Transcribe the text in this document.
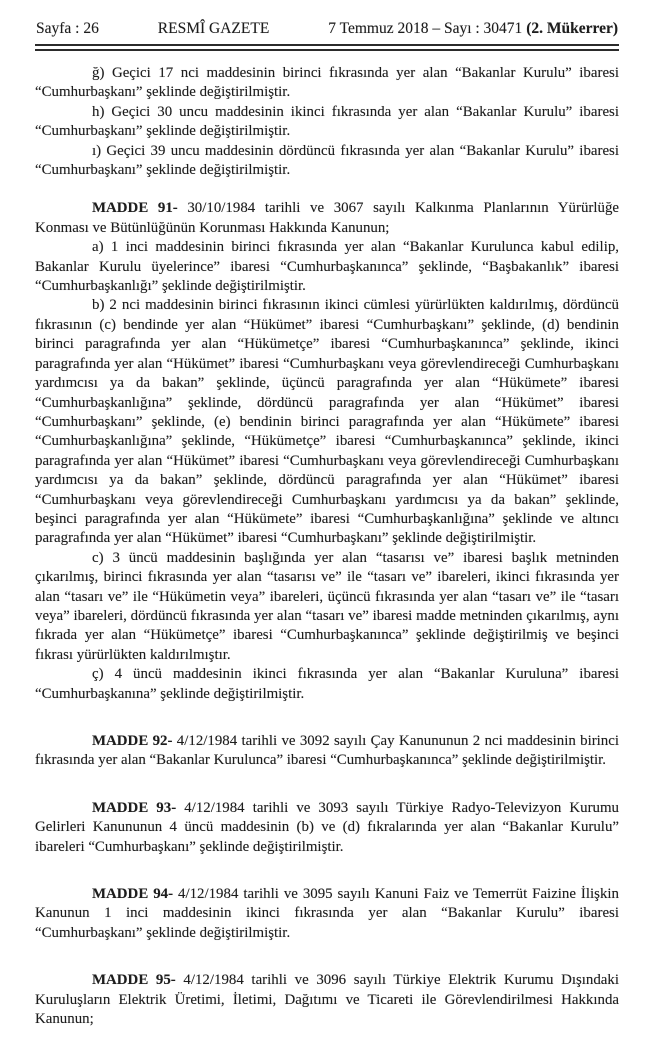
Sayfa : 26	RESMÎ GAZETE	7 Temmuz 2018 – Sayı : 30471 (2. Mükerrer)

ğ) Geçici 17 nci maddesinin birinci fıkrasında yer alan “Bakanlar Kurulu” ibaresi “Cumhurbaşkanı” şeklinde değiştirilmiştir.

h) Geçici 30 uncu maddesinin ikinci fıkrasında yer alan “Bakanlar Kurulu” ibaresi “Cumhurbaşkanı” şeklinde değiştirilmiştir.

ı) Geçici 39 uncu maddesinin dördüncü fıkrasında yer alan “Bakanlar Kurulu” ibaresi “Cumhurbaşkanı” şeklinde değiştirilmiştir.

MADDE 91- 30/10/1984 tarihli ve 3067 sayılı Kalkınma Planlarının Yürürlüğe Konması ve Bütünlüğünün Korunması Hakkında Kanunun;

a) 1 inci maddesinin birinci fıkrasında yer alan “Bakanlar Kurulunca kabul edilip, Bakanlar Kurulu üyelerince” ibaresi “Cumhurbaşkanınca” şeklinde, “Başbakanlık” ibaresi “Cumhurbaşkanlığı” şeklinde değiştirilmiştir.

b) 2 nci maddesinin birinci fıkrasının ikinci cümlesi yürürlükten kaldırılmış, dördüncü fıkrasının (c) bendinde yer alan “Hükümet” ibaresi “Cumhurbaşkanı” şeklinde, (d) bendinin birinci paragrafında yer alan “Hükümetçe” ibaresi “Cumhurbaşkanınca” şeklinde, ikinci paragrafında yer alan “Hükümet” ibaresi “Cumhurbaşkanı veya görevlendireceği Cumhurbaşkanı yardımcısı ya da bakan” şeklinde, üçüncü paragrafında yer alan “Hükümete” ibaresi “Cumhurbaşkanlığına” şeklinde, dördüncü paragrafında yer alan “Hükümet” ibaresi “Cumhurbaşkanı” şeklinde, (e) bendinin birinci paragrafında yer alan “Hükümete” ibaresi “Cumhurbaşkanlığına” şeklinde, “Hükümetçe” ibaresi “Cumhurbaşkanınca” şeklinde, ikinci paragrafında yer alan “Hükümet” ibaresi “Cumhurbaşkanı veya görevlendireceği Cumhurbaşkanı yardımcısı ya da bakan” şeklinde, dördüncü paragrafında yer alan “Hükümet” ibaresi “Cumhurbaşkanı veya görevlendireceği Cumhurbaşkanı yardımcısı ya da bakan” şeklinde, beşinci paragrafında yer alan “Hükümete” ibaresi “Cumhurbaşkanlığına” şeklinde ve altıncı paragrafında yer alan “Hükümet” ibaresi “Cumhurbaşkanı” şeklinde değiştirilmiştir.

c) 3 üncü maddesinin başlığında yer alan “tasarısı ve” ibaresi başlık metninden çıkarılmış, birinci fıkrasında yer alan “tasarısı ve” ile “tasarı ve” ibareleri, ikinci fıkrasında yer alan “tasarı ve” ile “Hükümetin veya” ibareleri, üçüncü fıkrasında yer alan “tasarı ve” ile “tasarı veya” ibareleri, dördüncü fıkrasında yer alan “tasarı ve” ibaresi madde metninden çıkarılmış, aynı fıkrada yer alan “Hükümetçe” ibaresi “Cumhurbaşkanınca” şeklinde değiştirilmiş ve beşinci fıkrası yürürlükten kaldırılmıştır.

ç) 4 üncü maddesinin ikinci fıkrasında yer alan “Bakanlar Kuruluna” ibaresi “Cumhurbaşkanına” şeklinde değiştirilmiştir.

MADDE 92- 4/12/1984 tarihli ve 3092 sayılı Çay Kanununun 2 nci maddesinin birinci fıkrasında yer alan “Bakanlar Kurulunca” ibaresi “Cumhurbaşkanınca” şeklinde değiştirilmiştir.

MADDE 93- 4/12/1984 tarihli ve 3093 sayılı Türkiye Radyo-Televizyon Kurumu Gelirleri Kanununun 4 üncü maddesinin (b) ve (d) fıkralarında yer alan “Bakanlar Kurulu” ibareleri “Cumhurbaşkanı” şeklinde değiştirilmiştir.

MADDE 94- 4/12/1984 tarihli ve 3095 sayılı Kanuni Faiz ve Temerrüt Faizine İlişkin Kanunun 1 inci maddesinin ikinci fıkrasında yer alan “Bakanlar Kurulu” ibaresi “Cumhurbaşkanı” şeklinde değiştirilmiştir.

MADDE 95- 4/12/1984 tarihli ve 3096 sayılı Türkiye Elektrik Kurumu Dışındaki Kuruluşların Elektrik Üretimi, İletimi, Dağıtımı ve Ticareti ile Görevlendirilmesi Hakkında Kanunun;
